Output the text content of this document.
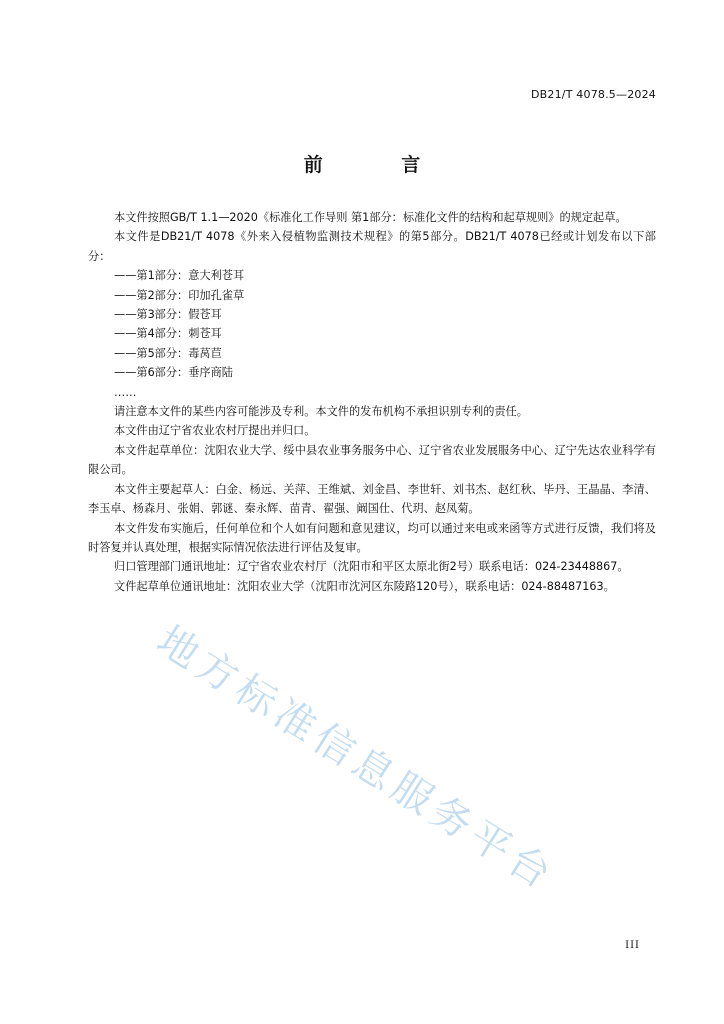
DB21/T 4078.5—2024
前 言

本文件按照GB/T 1.1—2020《标准化工作导则 第1部分：标准化文件的结构和起草规则》的规定起草。

本文件是DB21/T 4078《外来入侵植物监测技术规程》的第5部分。DB21/T 4078已经或计划发布以下部分：

——第1部分：意大利苍耳

——第2部分：印加孔雀草

——第3部分：假苍耳

——第4部分：刺苍耳

——第5部分：毒莴苣

——第6部分：垂序商陆

……

请注意本文件的某些内容可能涉及专利。本文件的发布机构不承担识别专利的责任。

本文件由辽宁省农业农村厅提出并归口。

本文件起草单位：沈阳农业大学、绥中县农业事务服务中心、辽宁省农业发展服务中心、辽宁先达农业科学有限公司。

本文件主要起草人：白金、杨远、关萍、王维斌、刘金昌、李世轩、刘书杰、赵红秋、毕丹、王晶晶、李清、李玉卓、杨森月、张娟、郭谜、秦永辉、苗青、翟强、阚国仕、代玥、赵凤菊。

本文件发布实施后，任何单位和个人如有问题和意见建议，均可以通过来电或来函等方式进行反馈，我们将及时答复并认真处理，根据实际情况依法进行评估及复审。

归口管理部门通讯地址：辽宁省农业农村厅（沈阳市和平区太原北街2号）联系电话：024-23448867。

文件起草单位通讯地址：沈阳农业大学（沈阳市沈河区东陵路120号），联系电话：024-88487163。

地方标准信息服务平台
III
